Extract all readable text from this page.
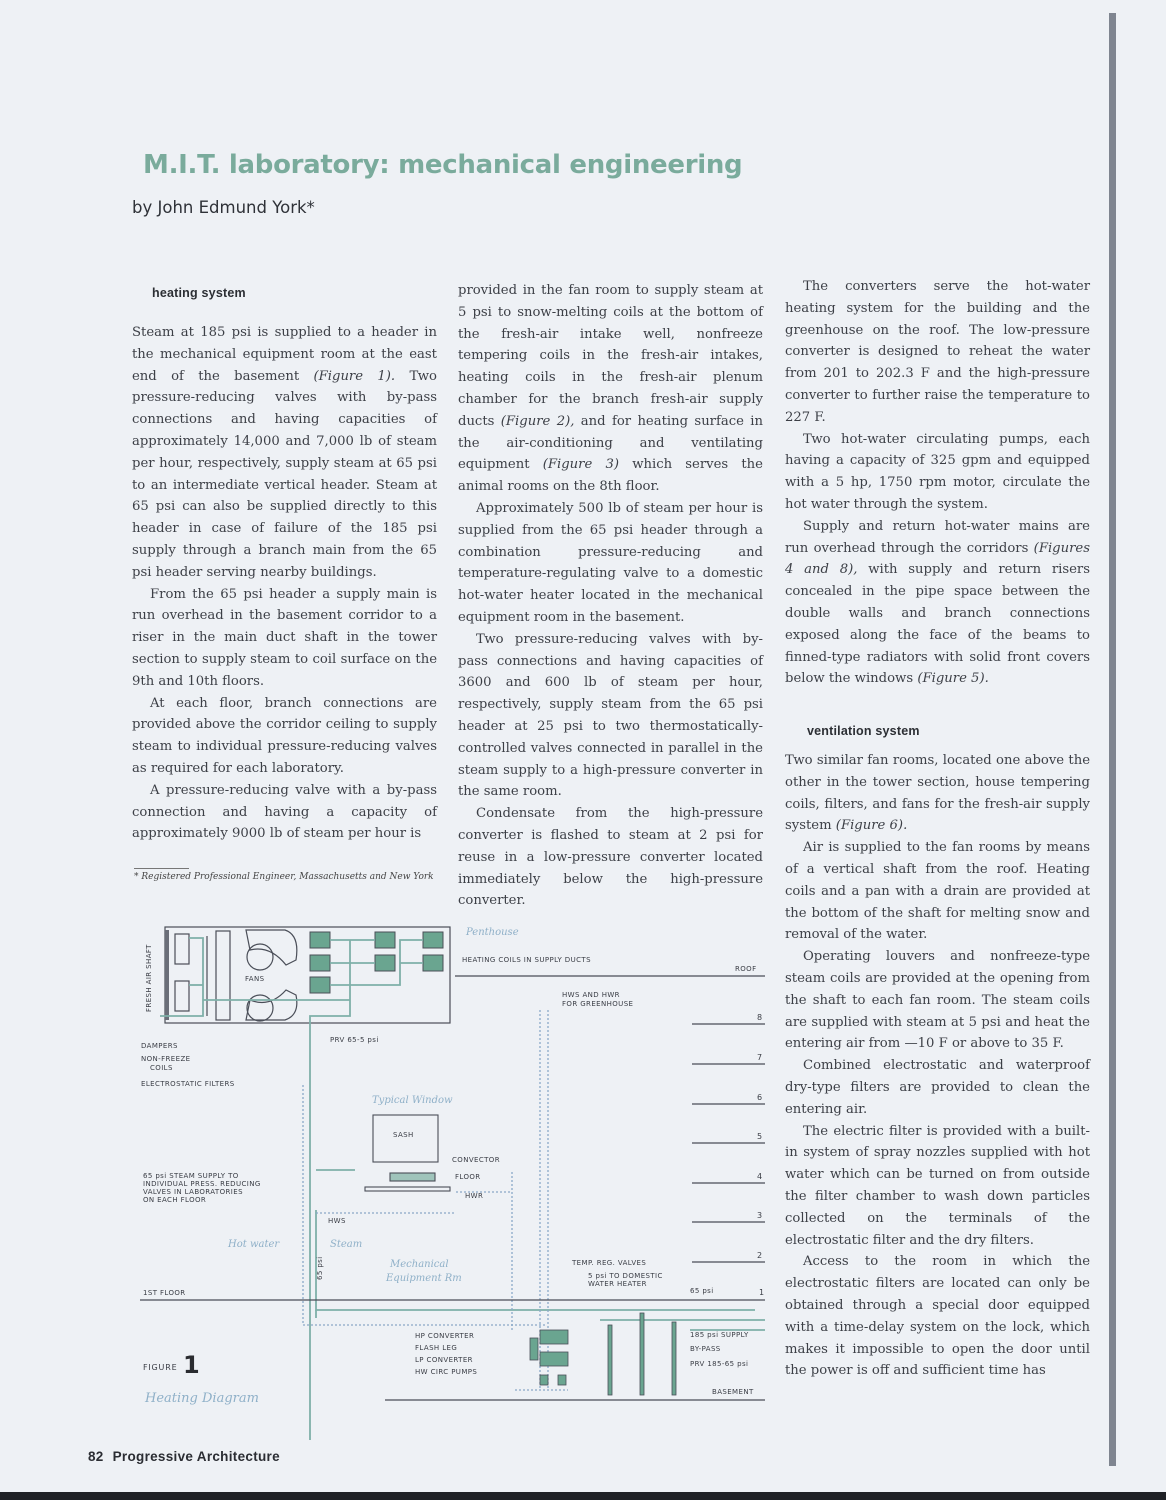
M.I.T. laboratory: mechanical engineering
by John Edmund York*
heating system

Steam at 185 psi is supplied to a header in the mechanical equipment room at the east end of the basement (Figure 1). Two pressure-reducing valves with by-pass connections and having capacities of approximately 14,000 and 7,000 lb of steam per hour, respectively, supply steam at 65 psi to an intermediate vertical header. Steam at 65 psi can also be supplied directly to this header in case of failure of the 185 psi supply through a branch main from the 65 psi header serving nearby buildings.

From the 65 psi header a supply main is run overhead in the basement corridor to a riser in the main duct shaft in the tower section to supply steam to coil surface on the 9th and 10th floors.

At each floor, branch connections are provided above the corridor ceiling to supply steam to individual pressure-reducing valves as required for each laboratory.

A pressure-reducing valve with a by-pass connection and having a capacity of approximately 9000 lb of steam per hour is

* Registered Professional Engineer, Massachusetts and New York

provided in the fan room to supply steam at 5 psi to snow-melting coils at the bottom of the fresh-air intake well, nonfreeze tempering coils in the fresh-air intakes, heating coils in the fresh-air plenum chamber for the branch fresh-air supply ducts (Figure 2), and for heating surface in the air-conditioning and ventilating equipment (Figure 3) which serves the animal rooms on the 8th floor.

Approximately 500 lb of steam per hour is supplied from the 65 psi header through a combination pressure-reducing and temperature-regulating valve to a domestic hot-water heater located in the mechanical equipment room in the basement.

Two pressure-reducing valves with by-pass connections and having capacities of 3600 and 600 lb of steam per hour, respectively, supply steam from the 65 psi header at 25 psi to two thermostatically-controlled valves connected in parallel in the steam supply to a high-pressure converter in the same room.

Condensate from the high-pressure converter is flashed to steam at 2 psi for reuse in a low-pressure converter located immediately below the high-pressure converter.

The converters serve the hot-water heating system for the building and the greenhouse on the roof. The low-pressure converter is designed to reheat the water from 201 to 202.3 F and the high-pressure converter to further raise the temperature to 227 F.

Two hot-water circulating pumps, each having a capacity of 325 gpm and equipped with a 5 hp, 1750 rpm motor, circulate the hot water through the system.

Supply and return hot-water mains are run overhead through the corridors (Figures 4 and 8), with supply and return risers concealed in the pipe space between the double walls and branch connections exposed along the face of the beams to finned-type radiators with solid front covers below the windows (Figure 5).

ventilation system

Two similar fan rooms, located one above the other in the tower section, house tempering coils, filters, and fans for the fresh-air supply system (Figure 6).

Air is supplied to the fan rooms by means of a vertical shaft from the roof. Heating coils and a pan with a drain are provided at the bottom of the shaft for melting snow and removal of the water.

Operating louvers and nonfreeze-type steam coils are provided at the opening from the shaft to each fan room. The steam coils are supplied with steam at 5 psi and heat the entering air from —10 F or above to 35 F.

Combined electrostatic and waterproof dry-type filters are provided to clean the entering air.

The electric filter is provided with a built-in system of spray nozzles supplied with hot water which can be turned on from outside the filter chamber to wash down particles collected on the terminals of the electrostatic filter and the dry filters.

Access to the room in which the electrostatic filters are located can only be obtained through a special door equipped with a time-delay system on the lock, which makes it impossible to open the door until the power is off and sufficient time has

FRESH AIR SHAFT	FANS
Penthouse
HEATING COILS IN SUPPLY DUCTS
ROOF
HWS AND HWR
FOR GREENHOUSE
DAMPERS
NON-FREEZE
COILS
ELECTROSTATIC FILTERS
PRV 65-5 psi
Typical Window
SASH
CONVECTOR
FLOOR
HWR
HWS
65 psi STEAM SUPPLY TO
INDIVIDUAL PRESS. REDUCING
VALVES IN LABORATORIES
ON EACH FLOOR
Hot water	Steam
65 psi	Mechanical
Equipment Rm
1ST FLOOR
TEMP. REG. VALVES
5 psi TO DOMESTIC
WATER HEATER
65 psi
185 psi SUPPLY
BY-PASS
PRV 185-65 psi
BASEMENT
HP CONVERTER
FLASH LEG
LP CONVERTER
HW CIRC PUMPS
8
7
6
5
4
3
2
1
FIGURE 1
Heating Diagram
82 Progressive Architecture
